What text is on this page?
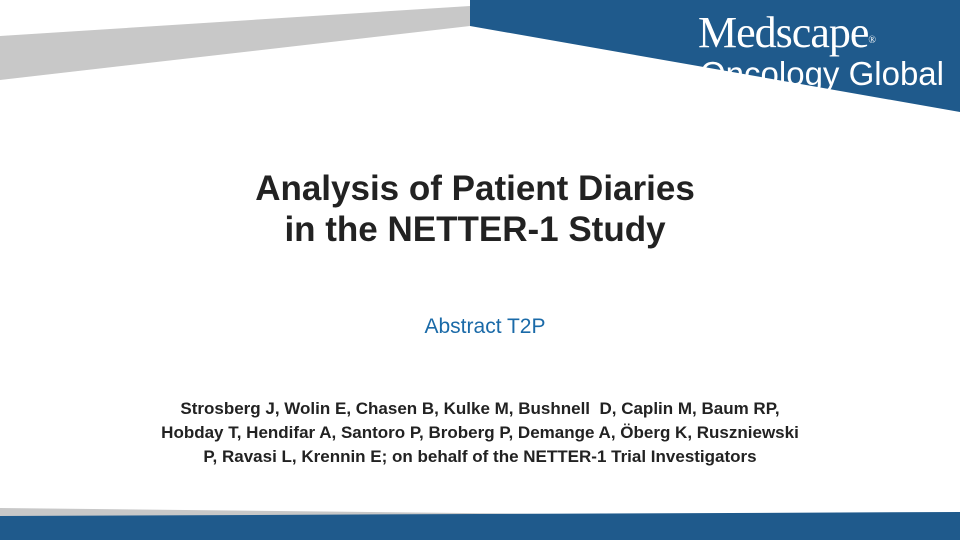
Medscape®
Oncology Global
Analysis of Patient Diaries
in the NETTER-1 Study
Abstract T2P
Strosberg J, Wolin E, Chasen B, Kulke M, Bushnell  D, Caplin M, Baum RP,
Hobday T, Hendifar A, Santoro P, Broberg P, Demange A, Öberg K, Ruszniewski
P, Ravasi L, Krennin E; on behalf of the NETTER-1 Trial Investigators
